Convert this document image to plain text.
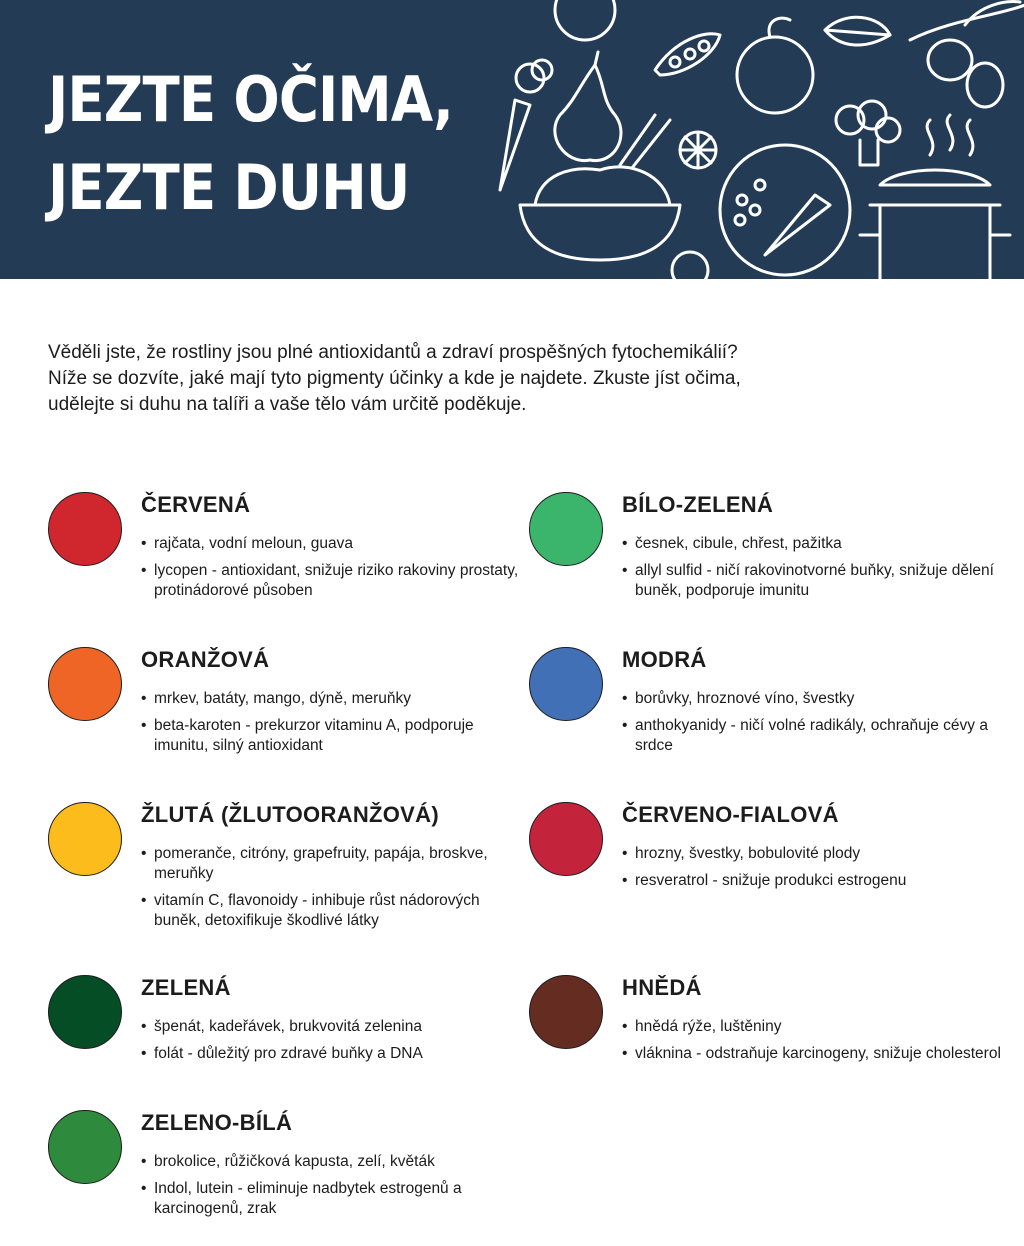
JEZTE OČIMA,
JEZTE DUHU
Věděli jste, že rostliny jsou plné antioxidantů a zdraví prospěšných fytochemikálií?
Níže se dozvíte, jaké mají tyto pigmenty účinky a kde je najdete. Zkuste jíst očima,
udělejte si duhu na talíři a vaše tělo vám určitě poděkuje.
ČERVENÁ
• rajčata, vodní meloun, guava
• lycopen - antioxidant, snižuje riziko rakoviny prostaty, protinádorové působen
ORANŽOVÁ
• mrkev, batáty, mango, dýně, meruňky
• beta-karoten - prekurzor vitaminu A, podporuje imunitu, silný antioxidant
ŽLUTÁ (ŽLUTOORANŽOVÁ)
• pomeranče, citróny, grapefruity, papája, broskve, meruňky
• vitamín C, flavonoidy - inhibuje růst nádorových buněk, detoxifikuje škodlivé látky
ZELENÁ
• špenát, kadeřávek, brukvovitá zelenina
• folát - důležitý pro zdravé buňky a DNA
ZELENO-BÍLÁ
• brokolice, růžičková kapusta, zelí, květák
• Indol, lutein - eliminuje nadbytek estrogenů a karcinogenů, zrak
BÍLO-ZELENÁ
• česnek, cibule, chřest, pažitka
• allyl sulfid - ničí rakovinotvorné buňky, snižuje dělení buněk, podporuje imunitu
MODRÁ
• borůvky, hroznové víno, švestky
• anthokyanidy - ničí volné radikály, ochraňuje cévy a srdce
ČERVENO-FIALOVÁ
• hrozny, švestky, bobulovité plody
• resveratrol - snižuje produkci estrogenu
HNĚDÁ
• hnědá rýže, luštěniny
• vláknina - odstraňuje karcinogeny, snižuje cholesterol
